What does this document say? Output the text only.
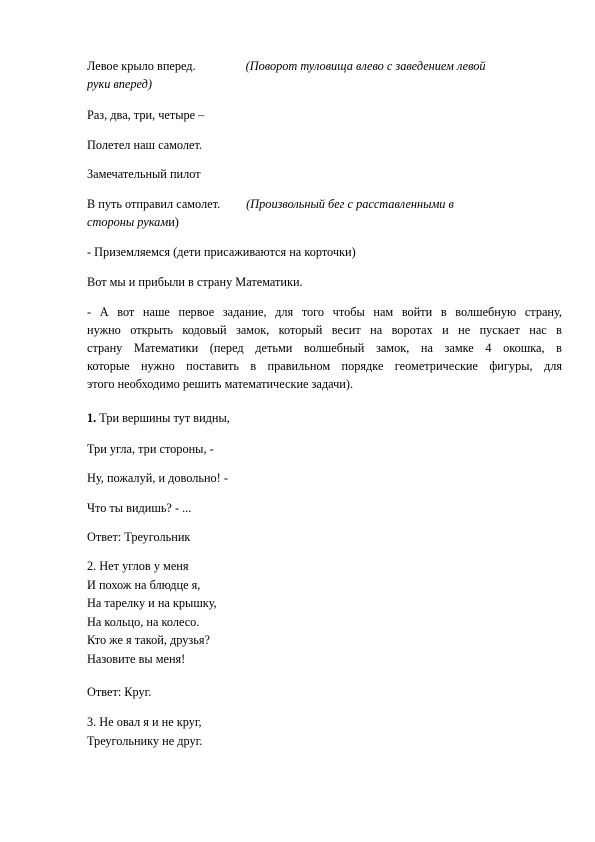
Левое крыло вперед.	(Поворот туловища влево с заведением левой
руки вперед)
Раз, два, три, четыре –
Полетел наш самолет.
Замечательный пилот
В путь отправил самолет. (Произвольный бег с расставленными в
стороны руками)
- Приземляемся (дети присаживаются на корточки)
Вот мы и прибыли в страну Математики.
- А вот наше первое задание, для того чтобы нам войти в волшебную страну,
нужно открыть кодовый замок, который весит на воротах и не пускает нас в
страну Математики (перед детьми волшебный замок, на замке 4 окошка, в
которые нужно поставить в правильном порядке геометрические фигуры, для
этого необходимо решить математические задачи).
1. Три вершины тут видны,
Три угла, три стороны, -
Ну, пожалуй, и довольно! -
Что ты видишь? - ...
Ответ: Треугольник
2. Нет углов у меня
И похож на блюдце я,
На тарелку и на крышку,
На кольцо, на колесо.
Кто же я такой, друзья?
Назовите вы меня!
Ответ: Круг.
3. Не овал я и не круг,
Треугольнику не друг.
